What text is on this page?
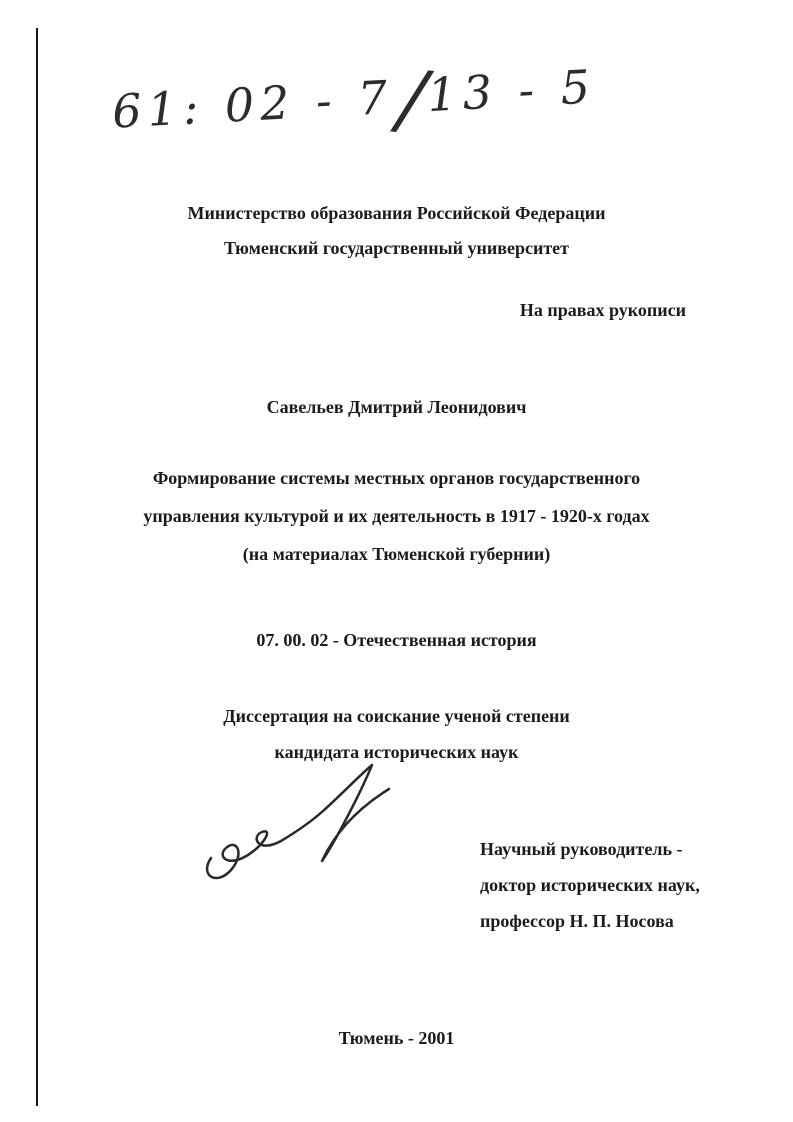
61: 02 - 7/13 - 5
Министерство образования Российской Федерации
Тюменский государственный университет
На правах рукописи
Савельев Дмитрий Леонидович
Формирование системы местных органов государственного
управления культурой и их деятельность в 1917 - 1920-х годах
(на материалах Тюменской губернии)
07. 00. 02 - Отечественная история
Диссертация на соискание ученой степени
кандидата исторических наук
Научный руководитель -
доктор исторических наук,
профессор Н. П. Носова
Тюмень - 2001
